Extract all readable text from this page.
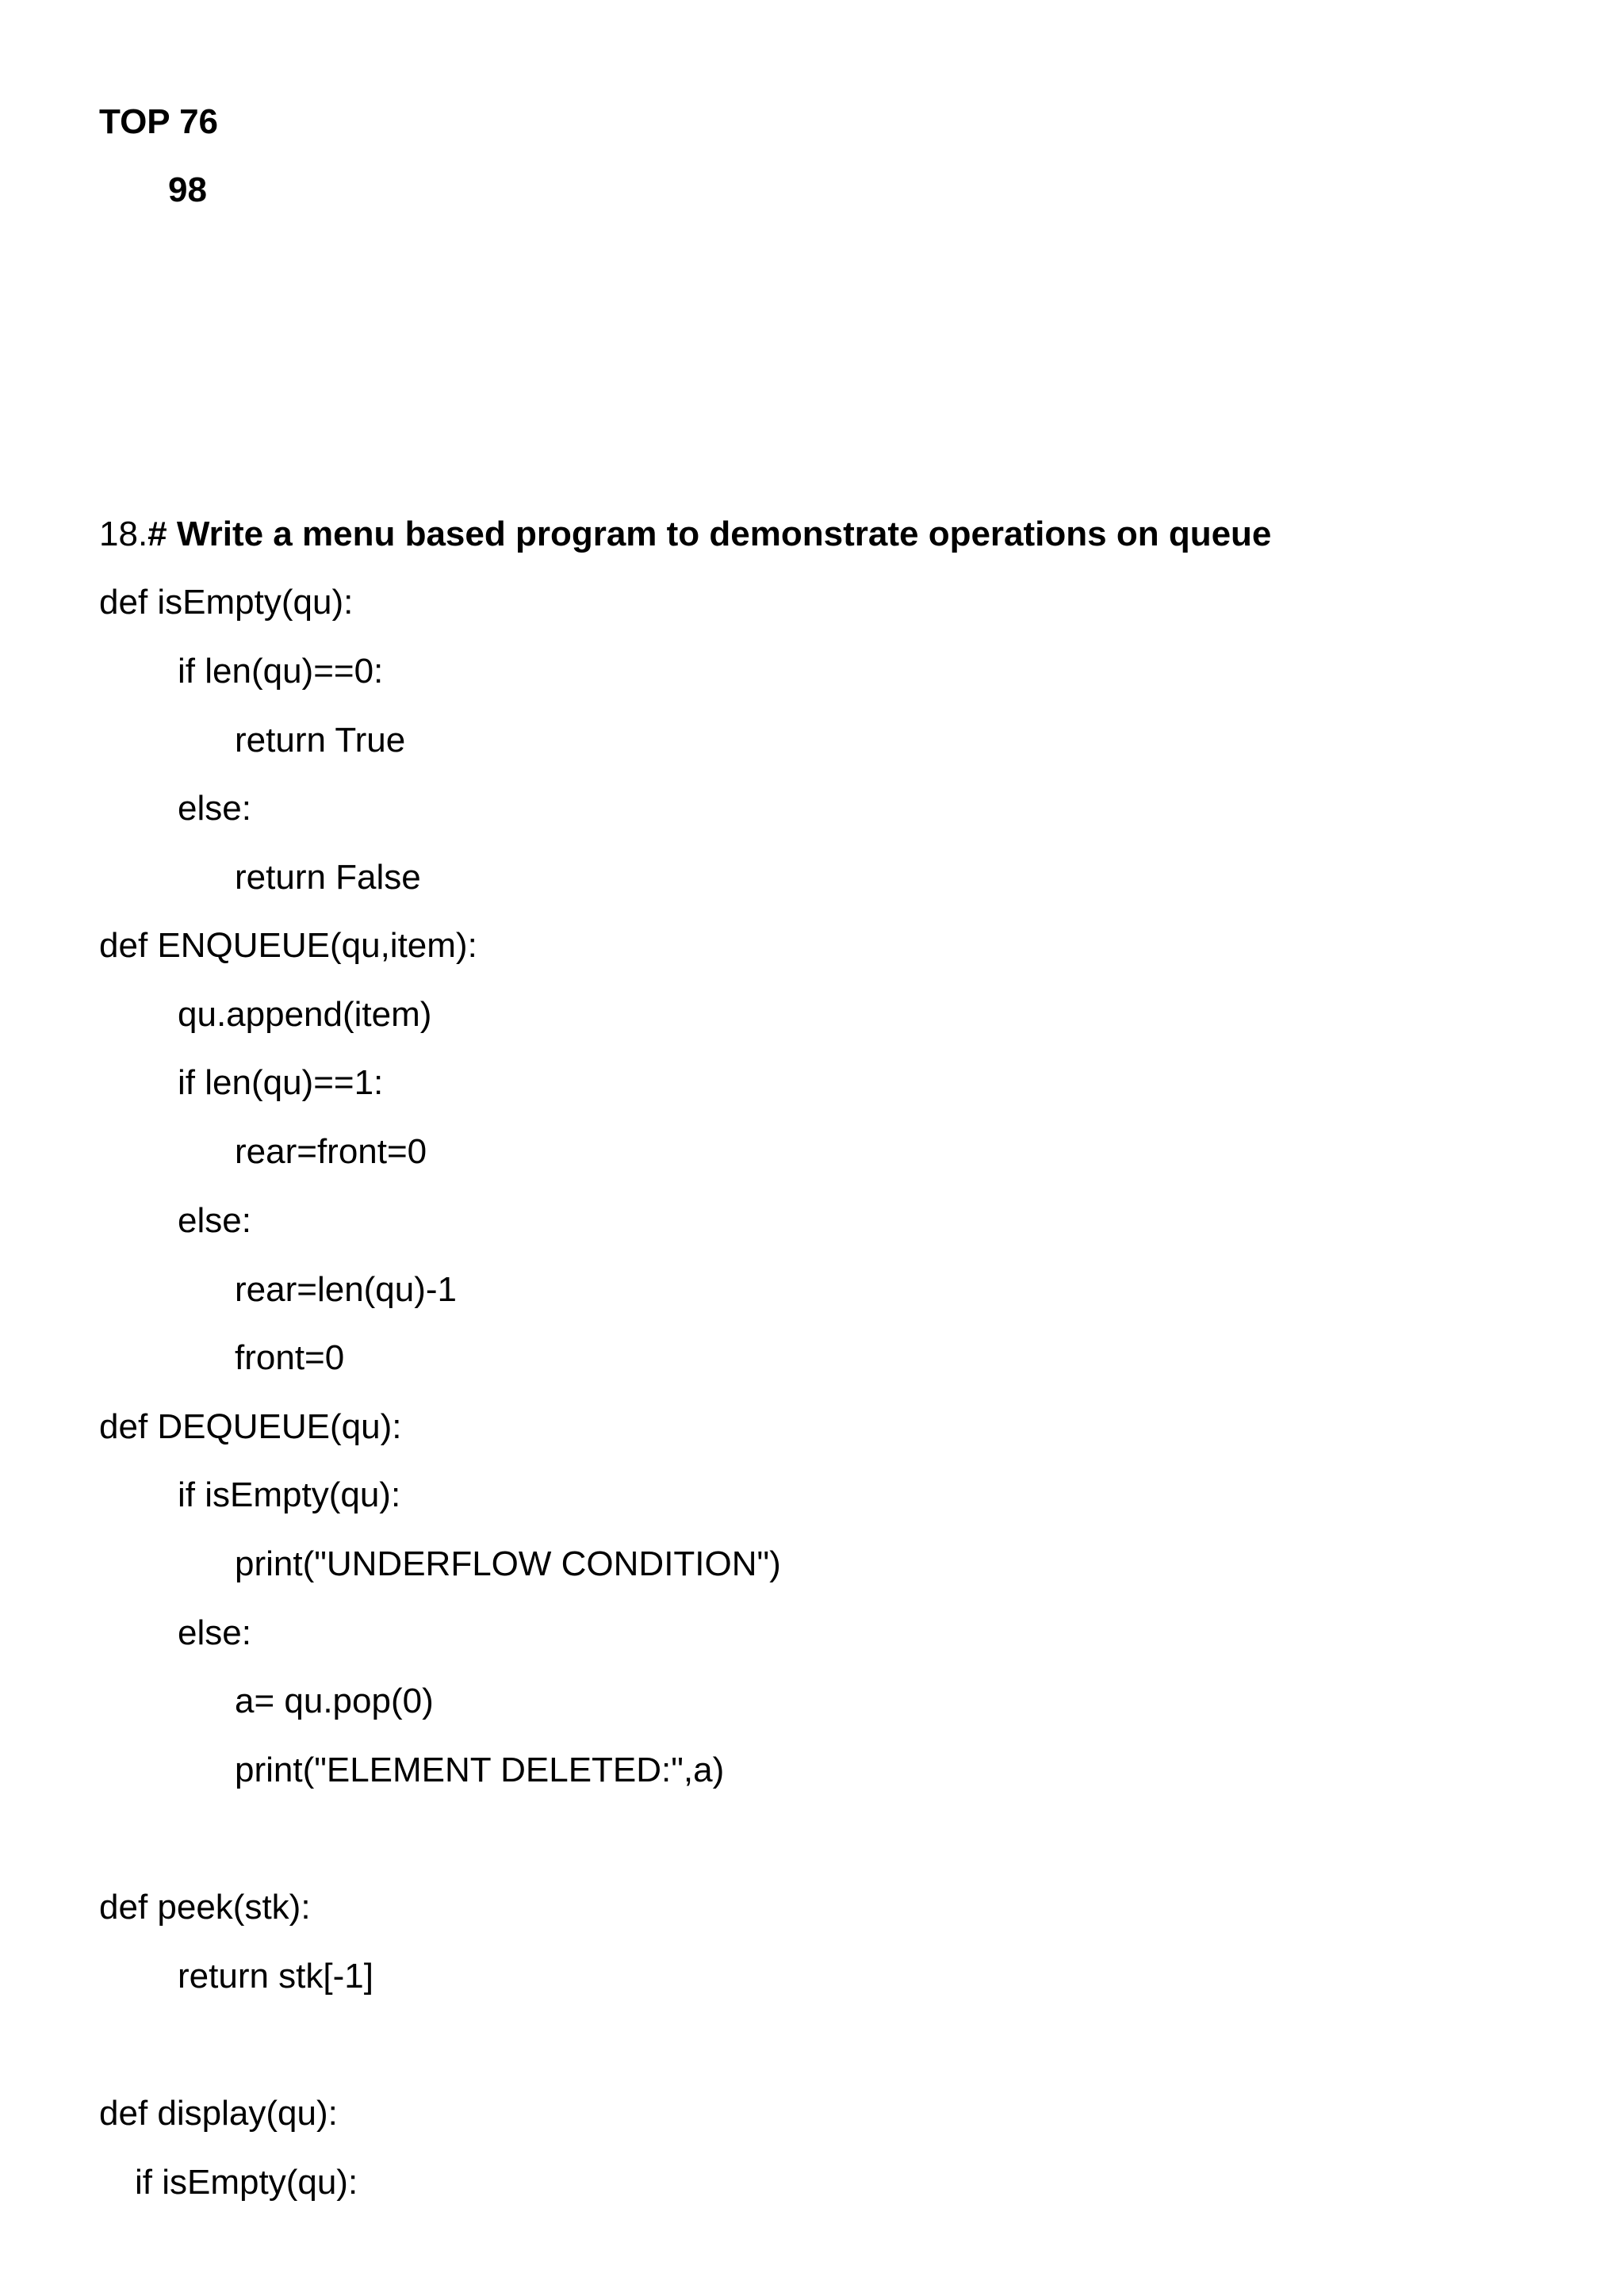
TOP 76
98
18.# Write a menu based program to demonstrate operations on queue
def isEmpty(qu):
if len(qu)==0:
return True
else:
return False
def ENQUEUE(qu,item):
qu.append(item)
if len(qu)==1:
rear=front=0
else:
rear=len(qu)-1
front=0
def DEQUEUE(qu):
if isEmpty(qu):
print("UNDERFLOW CONDITION")
else:
a= qu.pop(0)
print("ELEMENT DELETED:",a)
def peek(stk):
return stk[-1]
def display(qu):
if isEmpty(qu):
